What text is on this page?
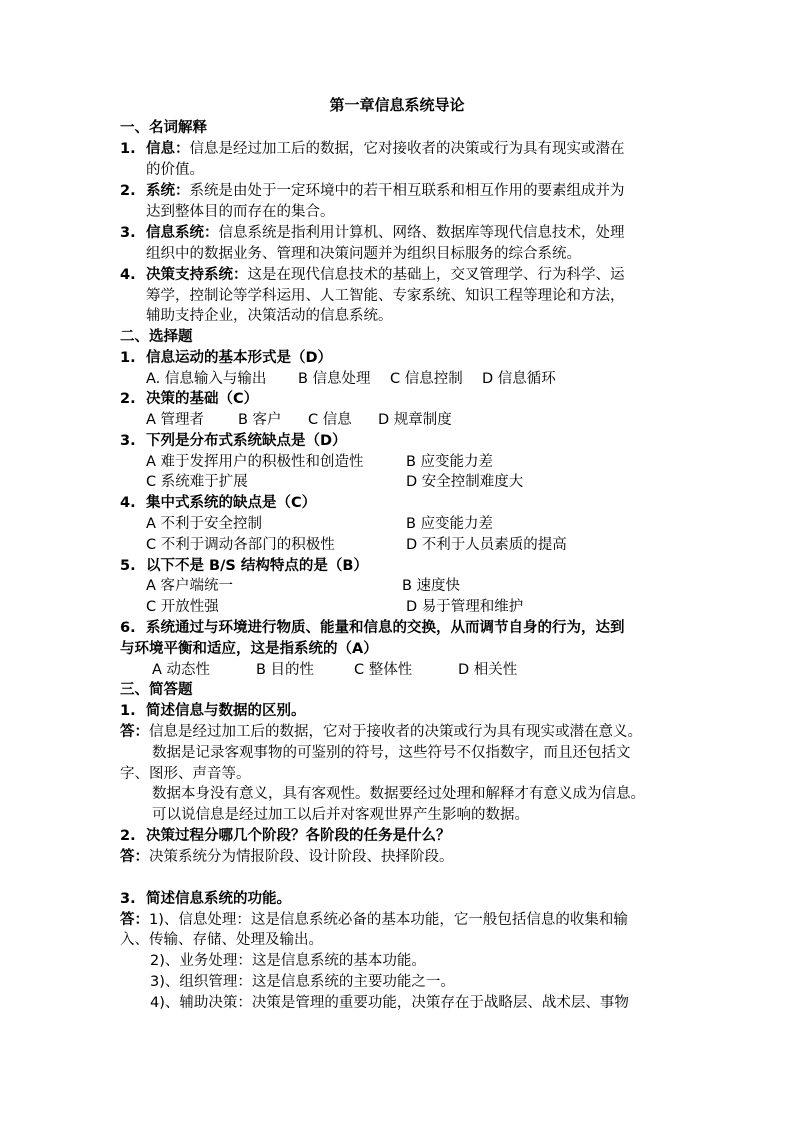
第一章信息系统导论
一、名词解释
1. 信息：信息是经过加工后的数据，它对接收者的决策或行为具有现实或潜在
的价值。
2. 系统：系统是由处于一定环境中的若干相互联系和相互作用的要素组成并为
达到整体目的而存在的集合。
3. 信息系统：信息系统是指利用计算机、网络、数据库等现代信息技术，处理
组织中的数据业务、管理和决策问题并为组织目标服务的综合系统。
4. 决策支持系统：这是在现代信息技术的基础上，交叉管理学、行为科学、运
筹学，控制论等学科运用、人工智能、专家系统、知识工程等理论和方法，
辅助支持企业，决策活动的信息系统。
二、选择题
1. 信息运动的基本形式是（D）
A. 信息输入与输出 B 信息处理 C 信息控制 D 信息循环
2. 决策的基础（C）
A 管理者 B 客户 C 信息 D 规章制度
3. 下列是分布式系统缺点是（D）
A 难于发挥用户的积极性和创造性	B 应变能力差
C 系统难于扩展	D 安全控制难度大
4. 集中式系统的缺点是（C）
A 不利于安全控制	B 应变能力差
C 不利于调动各部门的积极性	D 不利于人员素质的提高
5. 以下不是 B/S 结构特点的是（B）
A 客户端统一	B 速度快
C 开放性强	D 易于管理和维护
6. 系统通过与环境进行物质、能量和信息的交换，从而调节自身的行为，达到
与环境平衡和适应，这是指系统的（A）
A 动态性	B 目的性	C 整体性	D 相关性
三、简答题
1. 简述信息与数据的区别。
答：信息是经过加工后的数据，它对于接收者的决策或行为具有现实或潜在意义。
数据是记录客观事物的可鉴别的符号，这些符号不仅指数字，而且还包括文
字、图形、声音等。
数据本身没有意义，具有客观性。数据要经过处理和解释才有意义成为信息。
可以说信息是经过加工以后并对客观世界产生影响的数据。
2. 决策过程分哪几个阶段？各阶段的任务是什么？
答：决策系统分为情报阶段、设计阶段、抉择阶段。
3. 简述信息系统的功能。
答：1)、信息处理：这是信息系统必备的基本功能，它一般包括信息的收集和输
入、传输、存储、处理及输出。
2)、业务处理：这是信息系统的基本功能。
3)、组织管理：这是信息系统的主要功能之一。
4)、辅助决策：决策是管理的重要功能，决策存在于战略层、战术层、事物
